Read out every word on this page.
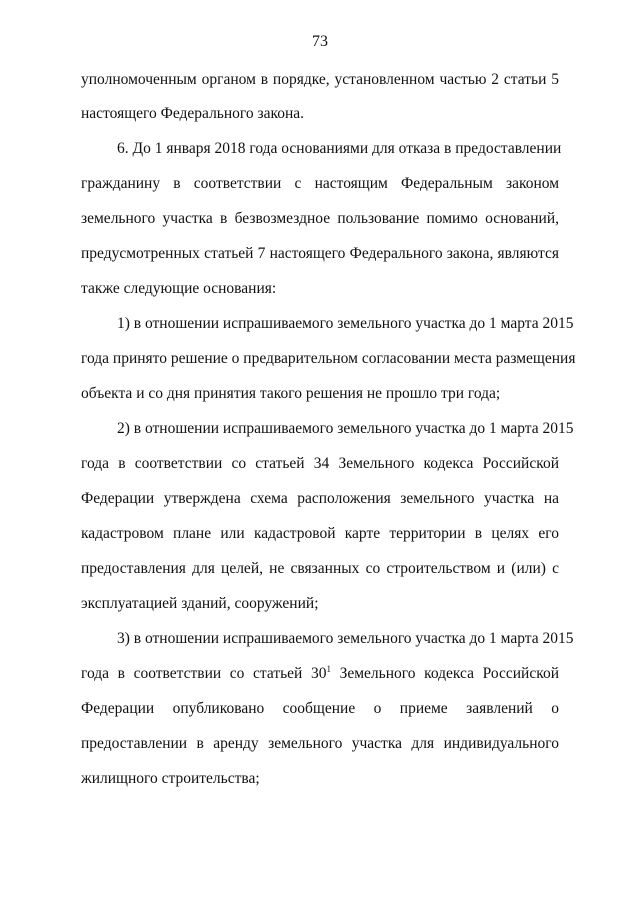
73
уполномоченным органом в порядке, установленном частью 2 статьи 5
настоящего Федерального закона.
6. До 1 января 2018 года основаниями для отказа в предоставлении
гражданину в соответствии с настоящим Федеральным законом
земельного участка в безвозмездное пользование помимо оснований,
предусмотренных статьей 7 настоящего Федерального закона, являются
также следующие основания:
1) в отношении испрашиваемого земельного участка до 1 марта 2015
года принято решение о предварительном согласовании места размещения
объекта и со дня принятия такого решения не прошло три года;
2) в отношении испрашиваемого земельного участка до 1 марта 2015
года в соответствии со статьей 34 Земельного кодекса Российской
Федерации утверждена схема расположения земельного участка на
кадастровом плане или кадастровой карте территории в целях его
предоставления для целей, не связанных со строительством и (или) с
эксплуатацией зданий, сооружений;
3) в отношении испрашиваемого земельного участка до 1 марта 2015
года в соответствии со статьей $30^1$ Земельного кодекса Российской
Федерации опубликовано сообщение о приеме заявлений о
предоставлении в аренду земельного участка для индивидуального
жилищного строительства;
